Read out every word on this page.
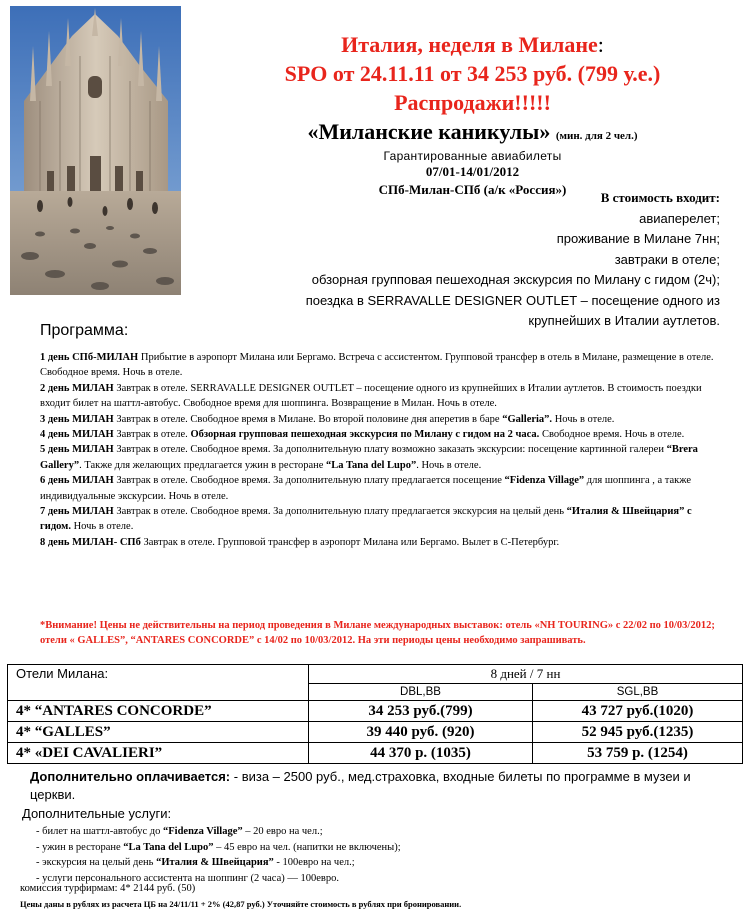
Италия, неделя в Милане:
SPO от 24.11.11 от 34 253 руб. (799 у.е.)
Распродажи!!!!!
«Миланские каникулы» (мин. для 2 чел.)
Гарантированные авиабилеты
07/01-14/01/2012
СПб-Милан-СПб (а/к «Россия»)
В стоимость входит:
авиаперелет;
проживание в Милане 7нн;
завтраки в отеле;
обзорная групповая пешеходная экскурсия по Милану с гидом (2ч);
поездка в SERRAVALLE DESIGNER OUTLET – посещение одного из
крупнейших в Италии аутлетов.
Программа:
1 день СПб-МИЛАН Прибытие в аэропорт Милана или Бергамо. Встреча с ассистентом. Групповой трансфер в отель в Милане, размещение в отеле. Свободное время. Ночь в отеле.
2 день МИЛАН Завтрак в отеле. SERRAVALLE DESIGNER OUTLET – посещение одного из крупнейших в Италии аутлетов. В стоимость поездки входит билет на шаттл-автобус. Свободное время для шоппинга. Возвращение в Милан. Ночь в отеле.
3 день МИЛАН Завтрак в отеле. Свободное время в Милане. Во второй половине дня аперетив в баре “Galleria”. Ночь в отеле.
4 день МИЛАН Завтрак в отеле. Обзорная групповая пешеходная экскурсия по Милану с гидом на 2 часа. Свободное время. Ночь в отеле.
5 день МИЛАН Завтрак в отеле. Свободное время. За дополнительную плату возможно заказать экскурсии: посещение картинной галереи “Brera Gallery”. Также для желающих предлагается ужин в ресторане “La Tana del Lupo”. Ночь в отеле.
6 день МИЛАН Завтрак в отеле. Свободное время. За дополнительную плату предлагается посещение “Fidenza Village” для шоппинга , а также индивидуальные экскурсии. Ночь в отеле.
7 день МИЛАН Завтрак в отеле. Свободное время. За дополнительную плату предлагается экскурсия на целый день “Италия & Швейцария” с гидом. Ночь в отеле.
8 день МИЛАН- СПб Завтрак в отеле. Групповой трансфер в аэропорт Милана или Бергамо. Вылет в С-Петербург.
*Внимание! Цены не действительны на период проведения в Милане международных выставок: отель «NH TOURING» с 22/02 по 10/03/2012; отели « GALLES”, “ANTARES CONCORDE” с 14/02 по 10/03/2012. На эти периоды цены необходимо запрашивать.
Отели Милана:	8 дней / 7 нн	
	DBL,BB	SGL,BB
4* “ANTARES CONCORDE”	34 253 руб.(799)	43 727 руб.(1020)
4* “GALLES”	39 440 руб. (920)	52 945 руб.(1235)
4* «DEI CAVALIERI”	44 370 р. (1035)	53 759 р. (1254)
Дополнительно оплачивается: - виза – 2500 руб., мед.страховка, входные билеты по программе в музеи и церкви.
Дополнительные услуги:
- билет на шаттл-автобус до “Fidenza Village” – 20 евро на чел.;
- ужин в ресторане “La Tana del Lupo” – 45 евро на чел. (напитки не включены);
- экскурсия на целый день “Италия & Швейцария” - 100евро на чел.;
- услуги персонального ассистента на шоппинг (2 часа) — 100евро.
комиссия турфирмам: 4* 2144 руб. (50)
Цены даны в рублях из расчета ЦБ на 24/11/11 + 2% (42,87 руб.) Уточняйте стоимость в рублях при бронировании.
